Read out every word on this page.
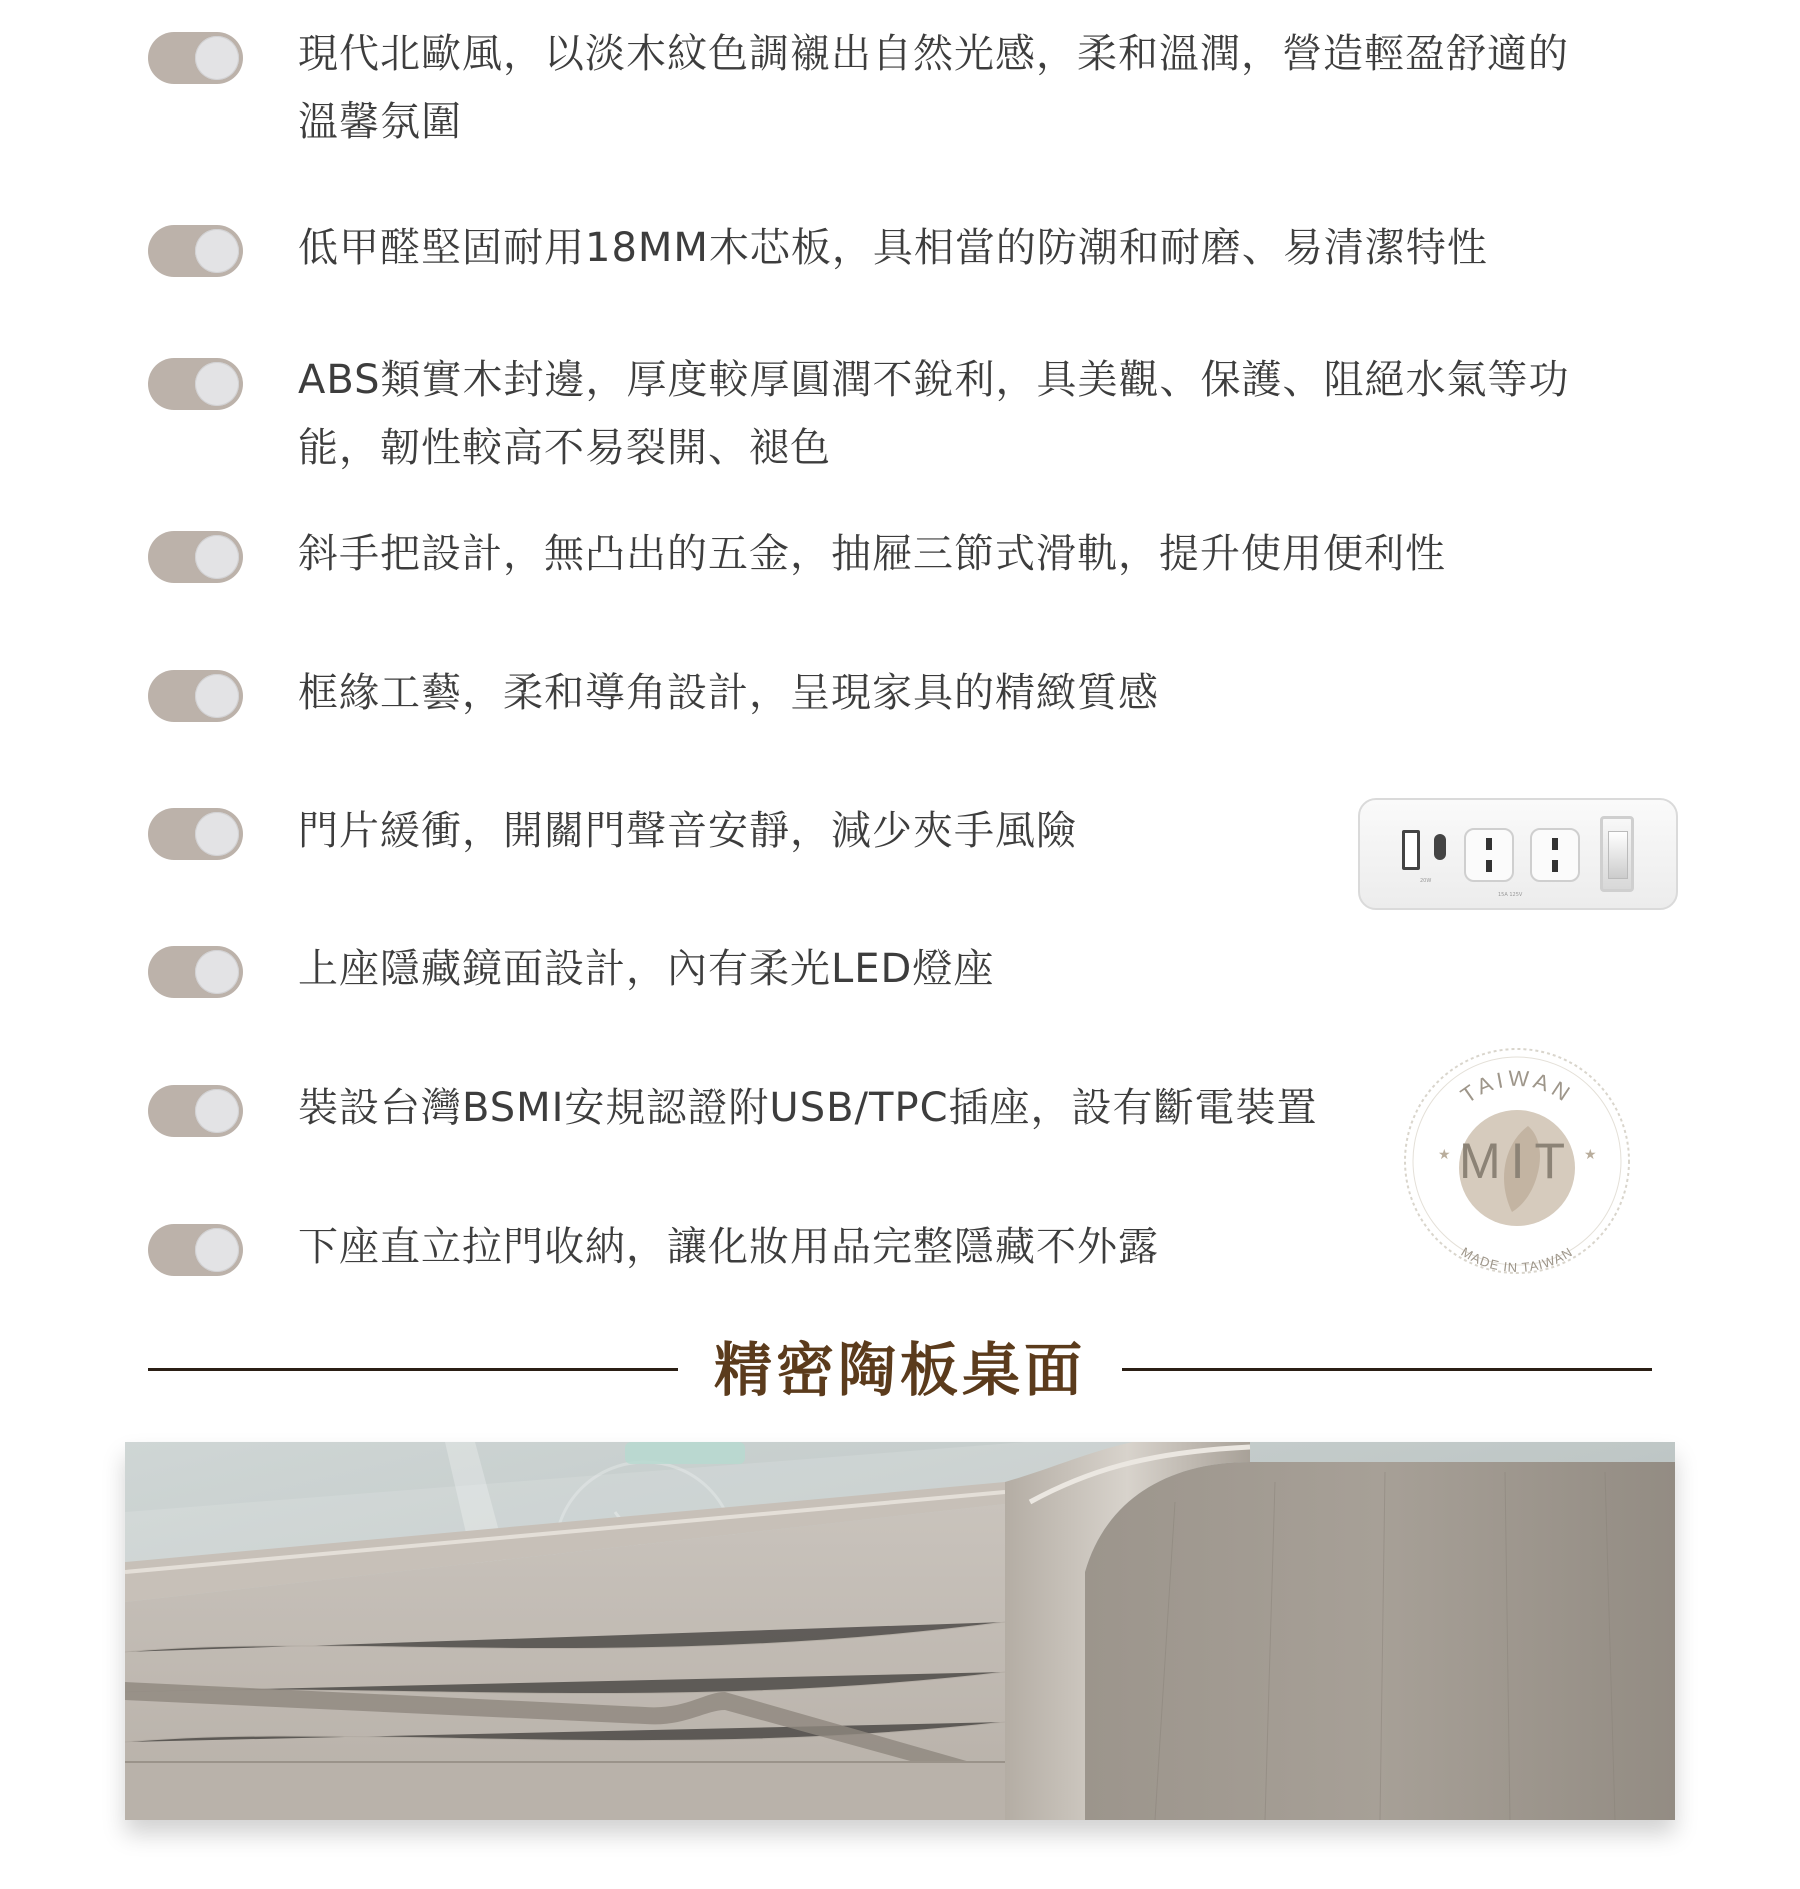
現代北歐風，以淡木紋色調襯出自然光感，柔和溫潤，營造輕盈舒適的
溫馨氛圍

低甲醛堅固耐用18MM木芯板，具相當的防潮和耐磨、易清潔特性

ABS類實木封邊，厚度較厚圓潤不銳利，具美觀、保護、阻絕水氣等功
能，韌性較高不易裂開、褪色

斜手把設計，無凸出的五金，抽屜三節式滑軌，提升使用便利性

框緣工藝，柔和導角設計，呈現家具的精緻質感

門片緩衝，開關門聲音安靜，減少夾手風險

上座隱藏鏡面設計，內有柔光LED燈座

裝設台灣BSMI安規認證附USB/TPC插座，設有斷電裝置

下座直立拉門收納，讓化妝用品完整隱藏不外露

20W
15A 125V
TAIWAN
MIT
★	★
MADE IN TAIWAN
精密陶板桌面
